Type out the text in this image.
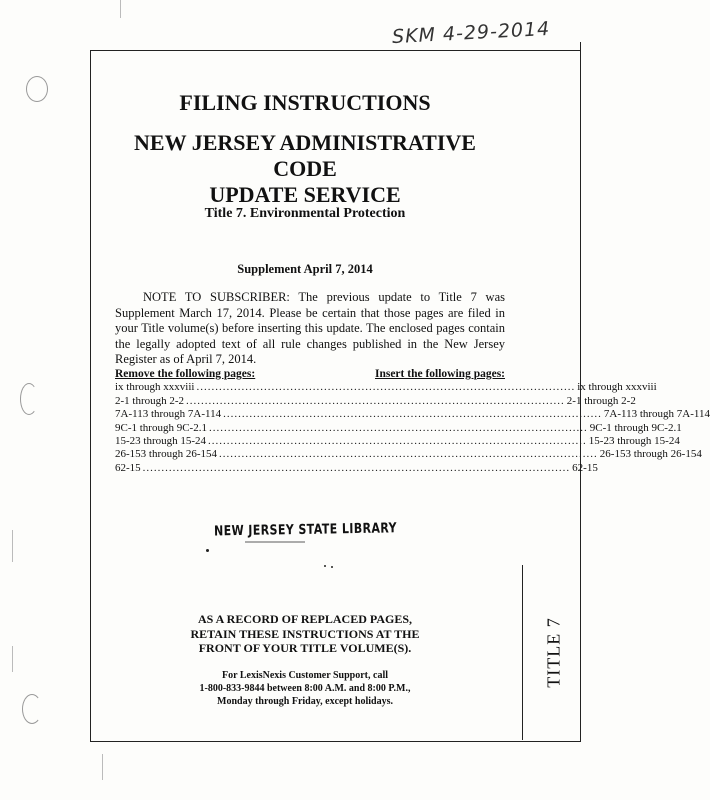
SKM 4-29-2014
TITLE 7
FILING INSTRUCTIONS
NEW JERSEY ADMINISTRATIVE CODE
UPDATE SERVICE
Title 7. Environmental Protection
Supplement April 7, 2014
NOTE TO SUBSCRIBER: The previous update to Title 7 was Supplement March 17, 2014. Please be certain that those pages are filed in your Title volume(s) before inserting this update. The enclosed pages contain the legally adopted text of all rule changes published in the New Jersey Register as of April 7, 2014.
Remove the following pages:	Insert the following pages:
ix through xxxviii ..................................................................................................... ix through xxxviii
2-1 through 2-2 ..................................................................................................... 2-1 through 2-2
7A-113 through 7A-114 ..................................................................................................... 7A-113 through 7A-114
9C-1 through 9C-2.1 ..................................................................................................... 9C-1 through 9C-2.1
15-23 through 15-24 ..................................................................................................... 15-23 through 15-24
26-153 through 26-154 ..................................................................................................... 26-153 through 26-154
62-15 .................................................................................................................. 62-15
NEW JERSEY STATE LIBRARY
AS A RECORD OF REPLACED PAGES,
RETAIN THESE INSTRUCTIONS AT THE
FRONT OF YOUR TITLE VOLUME(S).
For LexisNexis Customer Support, call
1-800-833-9844 between 8:00 A.M. and 8:00 P.M.,
Monday through Friday, except holidays.
